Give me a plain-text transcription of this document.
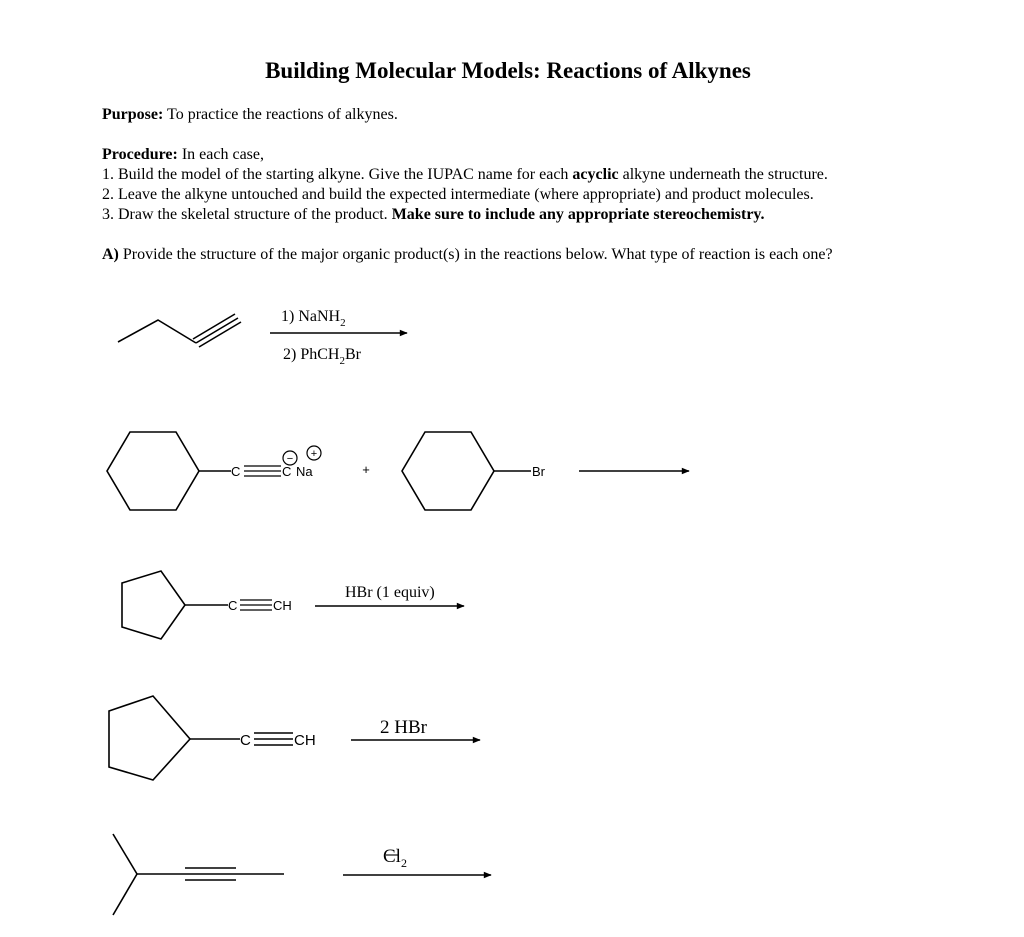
Building Molecular Models: Reactions of Alkynes
Purpose: To practice the reactions of alkynes.
Procedure: In each case,
1. Build the model of the starting alkyne. Give the IUPAC name for each acyclic alkyne underneath the structure.
2. Leave the alkyne untouched and build the expected intermediate (where appropriate) and product molecules.
3. Draw the skeletal structure of the product. Make sure to include any appropriate stereochemistry.
A) Provide the structure of the major organic product(s) in the reactions below. What type of reaction is each one?
1) NaNH$_2$
2) PhCH$_2$Br
C	C
−
Na
+
+	Br
C	CH
HBr (1 equiv)
C	CH
2 HBr
$Cl_2$
